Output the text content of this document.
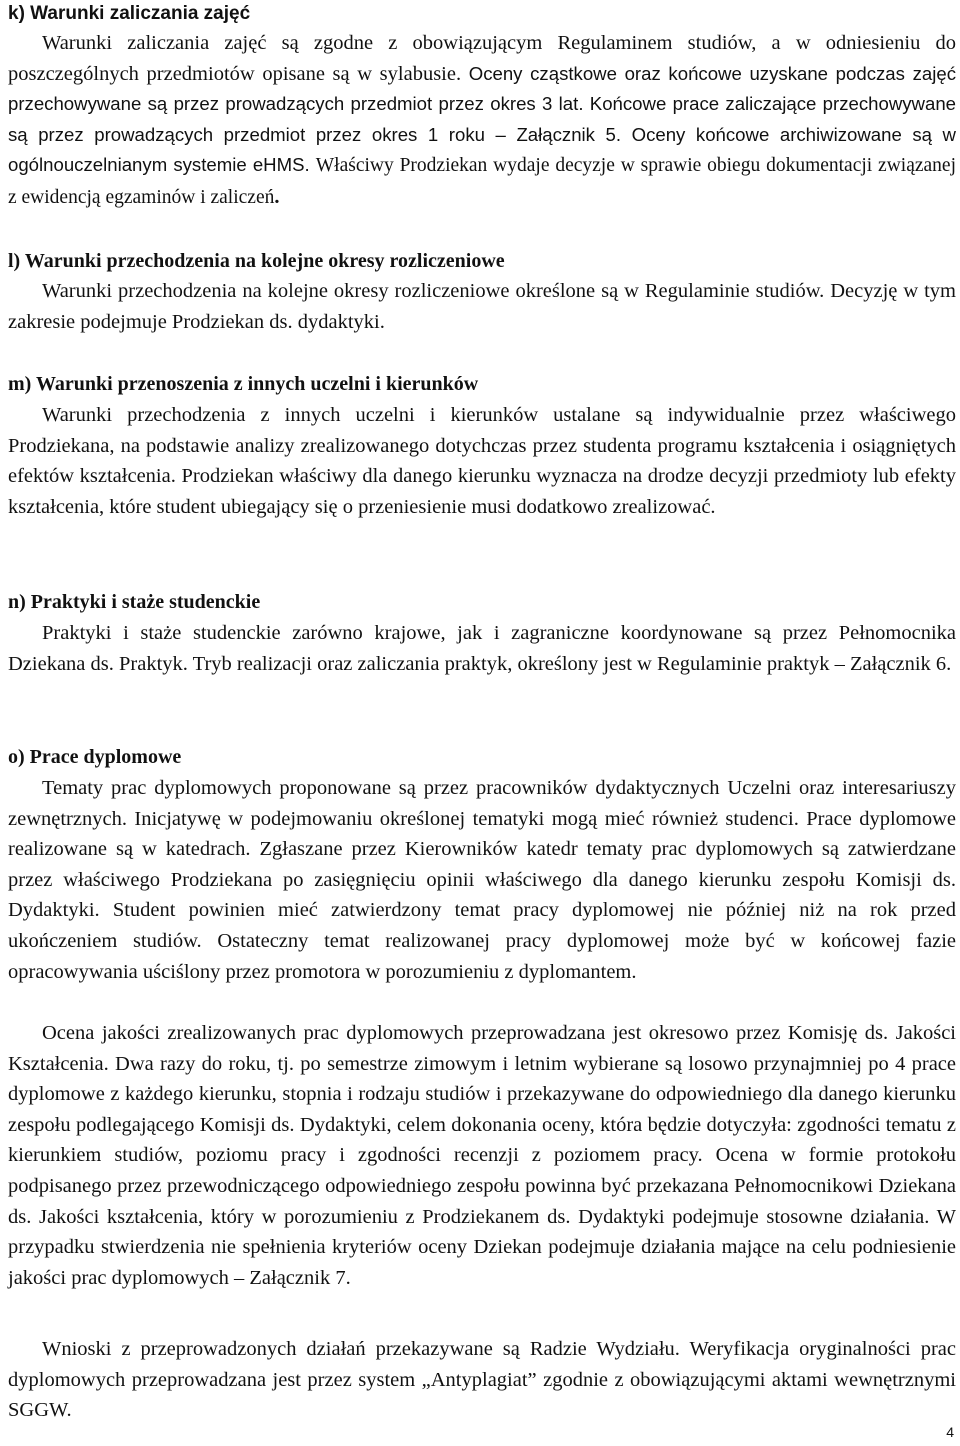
k) Warunki zaliczania zajęć

Warunki zaliczania zajęć są zgodne z obowiązującym Regulaminem studiów, a w odniesieniu do poszczególnych przedmiotów opisane są w sylabusie. Oceny cząstkowe oraz końcowe uzyskane podczas zajęć przechowywane są przez prowadzących przedmiot przez okres 3 lat. Końcowe prace zaliczające przechowywane są przez prowadzących przedmiot przez okres 1 roku – Załącznik 5. Oceny końcowe archiwizowane są w ogólnouczelnianym systemie eHMS. Właściwy Prodziekan wydaje decyzje w sprawie obiegu dokumentacji związanej z ewidencją egzaminów i zaliczeń.

l) Warunki przechodzenia na kolejne okresy rozliczeniowe

Warunki przechodzenia na kolejne okresy rozliczeniowe określone są w Regulaminie studiów. Decyzję w tym zakresie podejmuje Prodziekan ds. dydaktyki.

m) Warunki przenoszenia z innych uczelni i kierunków

Warunki przechodzenia z innych uczelni i kierunków ustalane są indywidualnie przez właściwego Prodziekana, na podstawie analizy zrealizowanego dotychczas przez studenta programu kształcenia i osiągniętych efektów kształcenia. Prodziekan właściwy dla danego kierunku wyznacza na drodze decyzji przedmioty lub efekty kształcenia, które student ubiegający się o przeniesienie musi dodatkowo zrealizować.

n) Praktyki i staże studenckie

Praktyki i staże studenckie zarówno krajowe, jak i zagraniczne koordynowane są przez Pełnomocnika Dziekana ds. Praktyk. Tryb realizacji oraz zaliczania praktyk, określony jest w Regulaminie praktyk – Załącznik 6.

o) Prace dyplomowe

Tematy prac dyplomowych proponowane są przez pracowników dydaktycznych Uczelni oraz interesariuszy zewnętrznych. Inicjatywę w podejmowaniu określonej tematyki mogą mieć również studenci. Prace dyplomowe realizowane są w katedrach. Zgłaszane przez Kierowników katedr tematy prac dyplomowych są zatwierdzane przez właściwego Prodziekana po zasięgnięciu opinii właściwego dla danego kierunku zespołu Komisji ds. Dydaktyki. Student powinien mieć zatwierdzony temat pracy dyplomowej nie później niż na rok przed ukończeniem studiów. Ostateczny temat realizowanej pracy dyplomowej może być w końcowej fazie opracowywania uściślony przez promotora w porozumieniu z dyplomantem.

Ocena jakości zrealizowanych prac dyplomowych przeprowadzana jest okresowo przez Komisję ds. Jakości Kształcenia. Dwa razy do roku, tj. po semestrze zimowym i letnim wybierane są losowo przynajmniej po 4 prace dyplomowe z każdego kierunku, stopnia i rodzaju studiów i przekazywane do odpowiedniego dla danego kierunku zespołu podlegającego Komisji ds. Dydaktyki, celem dokonania oceny, która będzie dotyczyła: zgodności tematu z kierunkiem studiów, poziomu pracy i zgodności recenzji z poziomem pracy. Ocena w formie protokołu podpisanego przez przewodniczącego odpowiedniego zespołu powinna być przekazana Pełnomocnikowi Dziekana ds. Jakości kształcenia, który w porozumieniu z Prodziekanem ds. Dydaktyki podejmuje stosowne działania. W przypadku stwierdzenia nie spełnienia kryteriów oceny Dziekan podejmuje działania mające na celu podniesienie jakości prac dyplomowych – Załącznik 7.

Wnioski z przeprowadzonych działań przekazywane są Radzie Wydziału. Weryfikacja oryginalności prac dyplomowych przeprowadzana jest przez system „Antyplagiat” zgodnie z obowiązującymi aktami wewnętrznymi SGGW.

4
